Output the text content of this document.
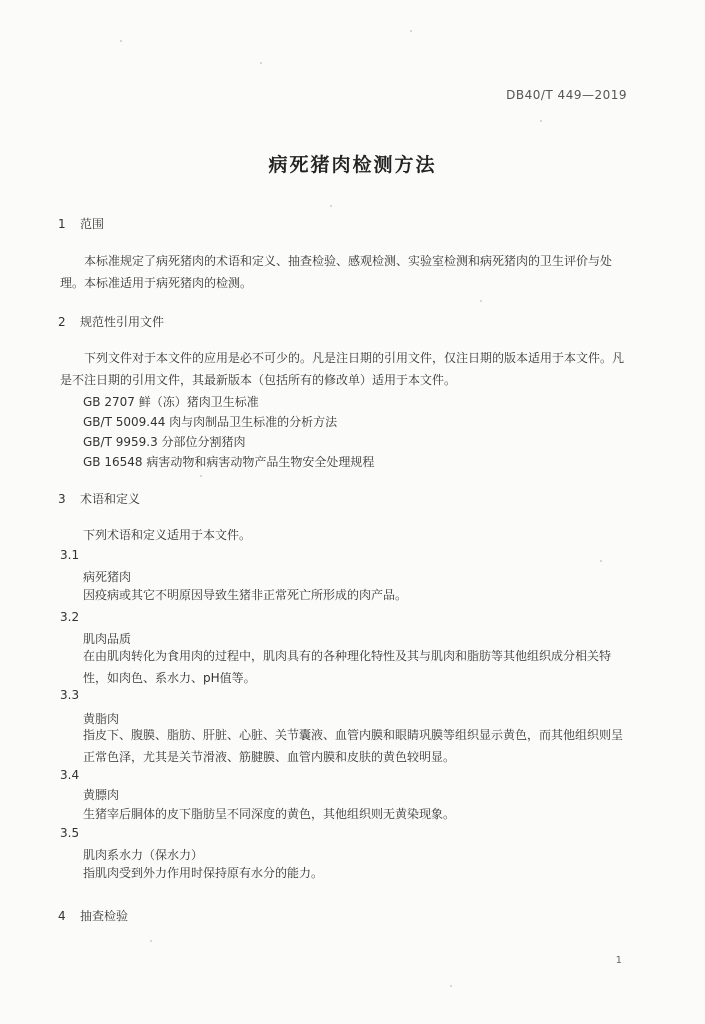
DB40/T 449—2019
病死猪肉检测方法
1 范围
本标准规定了病死猪肉的术语和定义、抽查检验、感观检测、实验室检测和病死猪肉的卫生评价与处理。本标准适用于病死猪肉的检测。
2 规范性引用文件
下列文件对于本文件的应用是必不可少的。凡是注日期的引用文件，仅注日期的版本适用于本文件。凡是不注日期的引用文件，其最新版本（包括所有的修改单）适用于本文件。
GB 2707 鲜（冻）猪肉卫生标准
GB/T 5009.44 肉与肉制品卫生标准的分析方法
GB/T 9959.3 分部位分割猪肉
GB 16548 病害动物和病害动物产品生物安全处理规程
3 术语和定义
下列术语和定义适用于本文件。
3.1
病死猪肉
因疫病或其它不明原因导致生猪非正常死亡所形成的肉产品。
3.2
肌肉品质
在由肌肉转化为食用肉的过程中，肌肉具有的各种理化特性及其与肌肉和脂肪等其他组织成分相关特性，如肉色、系水力、pH值等。
3.3
黄脂肉
指皮下、腹膜、脂肪、肝脏、心脏、关节囊液、血管内膜和眼睛巩膜等组织显示黄色，而其他组织则呈正常色泽，尤其是关节滑液、筋腱膜、血管内膜和皮肤的黄色较明显。
3.4
黄膘肉
生猪宰后胴体的皮下脂肪呈不同深度的黄色，其他组织则无黄染现象。
3.5
肌肉系水力（保水力）
指肌肉受到外力作用时保持原有水分的能力。
4 抽查检验
1
